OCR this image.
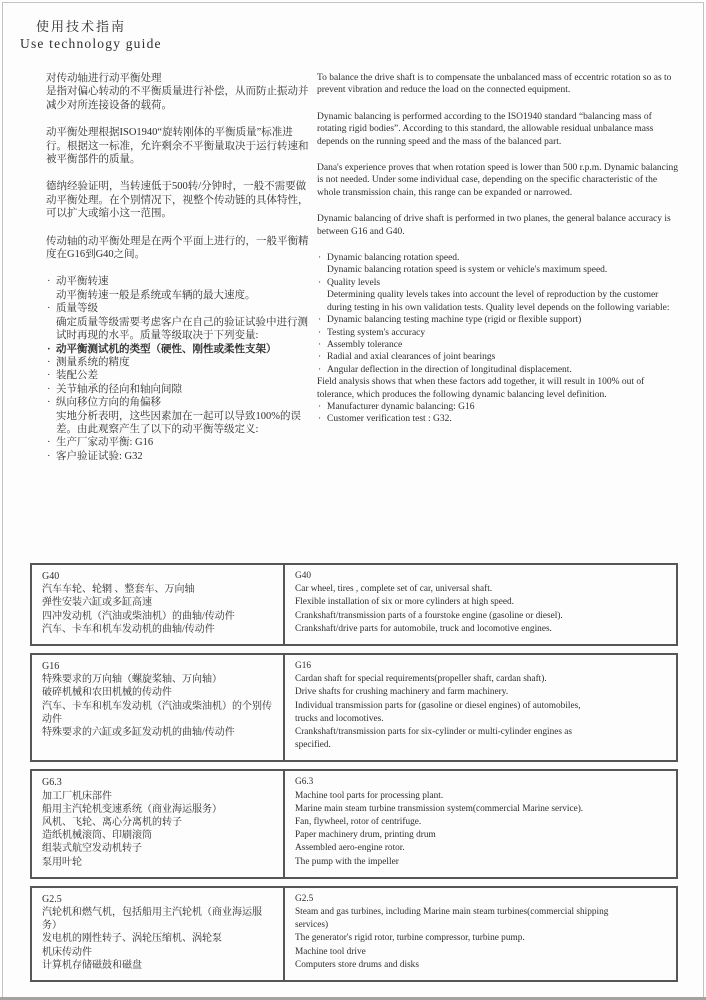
使用技术指南
Use technology guide
对传动轴进行动平衡处理
是指对偏心转动的不平衡质量进行补偿，从而防止振动并减少对所连接设备的载荷。
动平衡处理根据ISO1940“旋转刚体的平衡质量”标准进行。根据这一标准，允许剩余不平衡量取决于运行转速和被平衡部件的质量。
德纳经验证明，当转速低于500转/分钟时，一般不需要做动平衡处理。在个别情况下，视整个传动链的具体特性，可以扩大或缩小这一范围。
传动轴的动平衡处理是在两个平面上进行的，一般平衡精度在G16到G40之间。
· 动平衡转速
动平衡转速一般是系统或车辆的最大速度。
· 质量等级
确定质量等级需要考虑客户在自己的验证试验中进行测试时再现的水平。质量等级取决于下列变量:
· 动平衡测试机的类型（硬性、刚性或柔性支架）
· 测量系统的精度
· 装配公差
· 关节轴承的径向和轴向间隙
· 纵向移位方向的角偏移
实地分析表明，这些因素加在一起可以导致100%的误差。由此观察产生了以下的动平衡等级定义:
· 生产厂家动平衡: G16
· 客户验证试验: G32
To balance the drive shaft is to compensate the unbalanced mass of eccentric rotation so as to prevent vibration and reduce the load on the connected equipment.
Dynamic balancing is performed according to the ISO1940 standard “balancing mass of rotating rigid bodies”. According to this standard, the allowable residual unbalance mass depends on the running speed and the mass of the balanced part.
Dana's experience proves that when rotation speed is lower than 500 r.p.m. Dynamic balancing is not needed. Under some individual case, depending on the specific characteristic of the whole transmission chain, this range can be expanded or narrowed.
Dynamic balancing of drive shaft is performed in two planes, the general balance accuracy is between G16 and G40.
· Dynamic balancing rotation speed.
Dynamic balancing rotation speed is system or vehicle's maximum speed.
· Quality levels
Determining quality levels takes into account the level of reproduction by the customer during testing in his own validation tests. Quality level depends on the following variable:
· Dynamic balancing testing machine type (rigid or flexible support)
· Testing system's accuracy
· Assembly tolerance
· Radial and axial clearances of joint bearings
· Angular deflection in the direction of longitudinal displacement.
Field analysis shows that when these factors add together, it will result in 100% out of tolerance, which produces the following dynamic balancing level definition.
· Manufacturer dynamic balancing: G16
· Customer verification test : G32.
G40
汽车车轮、轮辋 、整套车、万向轴
弹性安装六缸或多缸高速
四冲发动机（汽油或柴油机）的曲轴/传动件
汽车、卡车和机车发动机的曲轴/传动件
G40
Car wheel, tires , complete set of car, universal shaft.
Flexible installation of six or more cylinders at high speed.
Crankshaft/transmission parts of a fourstoke engine (gasoline or diesel).
Crankshaft/drive parts for automobile, truck and locomotive engines.
G16
特殊要求的万向轴（螺旋桨轴、万向轴）
破碎机械和农田机械的传动件
汽车、卡车和机车发动机（汽油或柴油机）的个别传动件
特殊要求的六缸或多缸发动机的曲轴/传动件
G16
Cardan shaft for special requirements(propeller shaft, cardan shaft).
Drive shafts for crushing machinery and farm machinery.
Individual transmission parts for (gasoline or diesel engines) of automobiles,
trucks and locomotives.
Crankshaft/transmission parts for six-cylinder or multi-cylinder engines as
specified.
G6.3
加工厂机床部件
船用主汽轮机变速系统（商业海运服务）
风机、飞轮、离心分离机的转子
造纸机械滚筒、印刷滚筒
组装式航空发动机转子
泵用叶轮
G6.3
Machine tool parts for processing plant.
Marine main steam turbine transmission system(commercial Marine service).
Fan, flywheel, rotor of centrifuge.
Paper machinery drum, printing drum
Assembled aero-engine rotor.
The pump with the impeller
G2.5
汽轮机和燃气机，包括船用主汽轮机（商业海运服务）
发电机的刚性转子、涡轮压缩机、涡轮泵
机床传动件
计算机存储磁鼓和磁盘
G2.5
Steam and gas turbines, including Marine main steam turbines(commercial shipping
services)
The generator's rigid rotor, turbine compressor, turbine pump.
Machine tool drive
Computers store drums and disks
